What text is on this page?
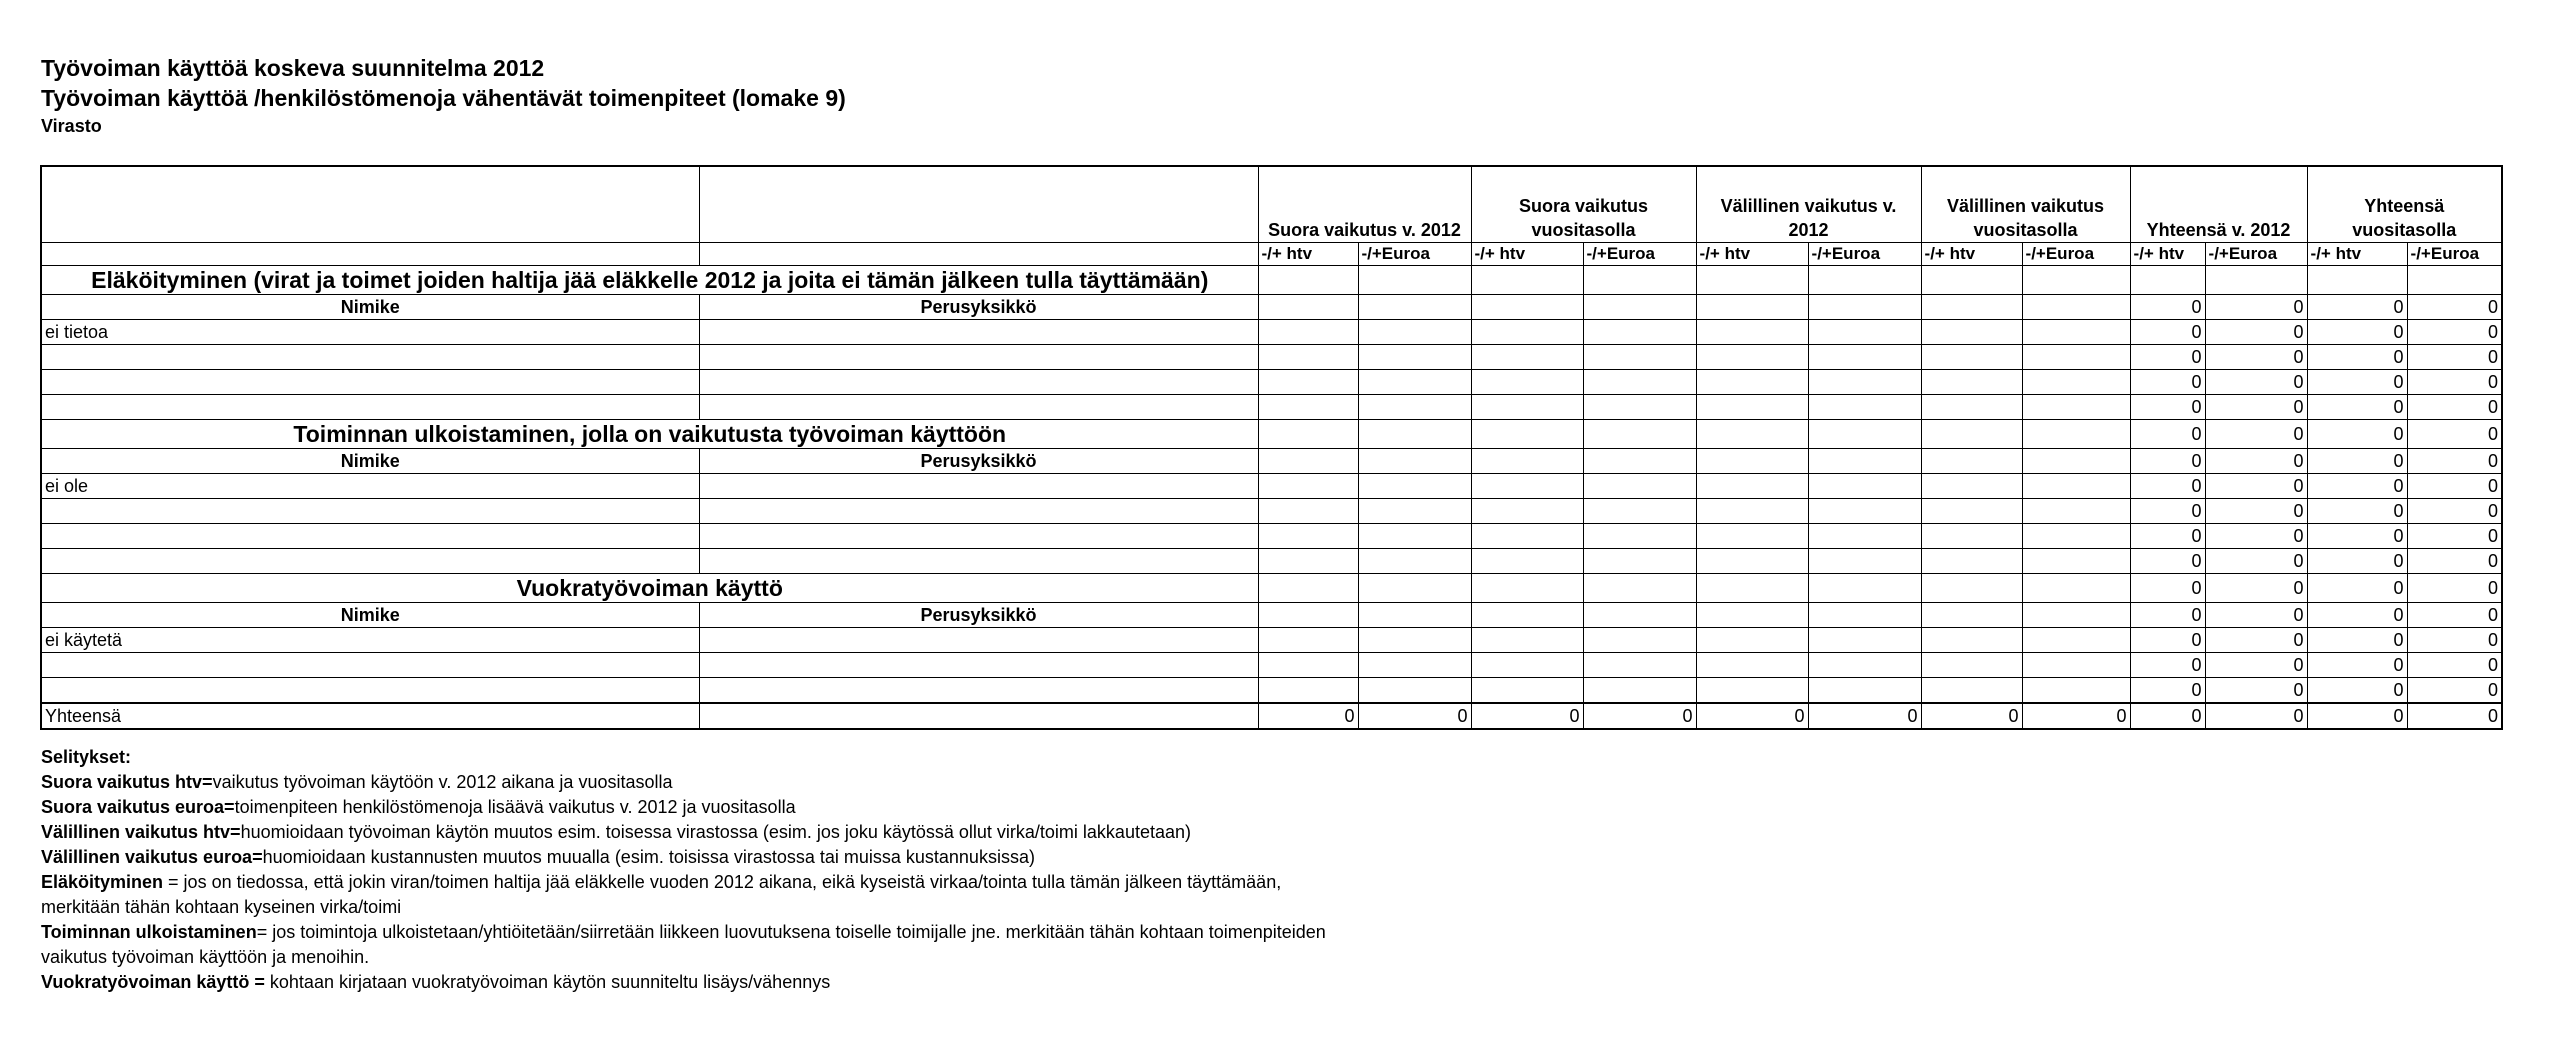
Työvoiman käyttöä koskeva suunnitelma 2012
Työvoiman käyttöä /henkilöstömenoja vähentävät toimenpiteet (lomake 9)
Virasto
		Suora vaikutus v. 2012		Suora vaikutus vuositasolla		Välillinen vaikutus v. 2012		Välillinen vaikutus vuositasolla		Yhteensä v. 2012		Yhteensä vuositasolla	
		-/+ htv	-/+Euroa	-/+ htv	-/+Euroa	-/+ htv	-/+Euroa	-/+ htv	-/+Euroa	-/+ htv	-/+Euroa	-/+ htv	-/+Euroa
Eläköityminen (virat ja toimet joiden haltija jää eläkkelle 2012 ja joita ei tämän jälkeen tulla täyttämään)													
Nimike	Perusyksikkö									0	0	0	0
ei tietoa										0	0	0	0
										0	0	0	0
										0	0	0	0
										0	0	0	0
Toiminnan ulkoistaminen, jolla on vaikutusta työvoiman käyttöön										0	0	0	0
Nimike	Perusyksikkö									0	0	0	0
ei ole										0	0	0	0
										0	0	0	0
										0	0	0	0
										0	0	0	0
Vuokratyövoiman käyttö										0	0	0	0
Nimike	Perusyksikkö									0	0	0	0
ei käytetä										0	0	0	0
										0	0	0	0
										0	0	0	0
Yhteensä		0	0	0	0	0	0	0	0	0	0	0	0
Selitykset:
Suora vaikutus htv=vaikutus työvoiman käytöön v. 2012 aikana ja vuositasolla
Suora vaikutus euroa=toimenpiteen henkilöstömenoja lisäävä vaikutus v. 2012 ja vuositasolla
Välillinen vaikutus htv=huomioidaan työvoiman käytön muutos esim. toisessa virastossa (esim. jos joku käytössä ollut virka/toimi lakkautetaan)
Välillinen vaikutus euroa=huomioidaan kustannusten muutos muualla (esim. toisissa virastossa tai muissa kustannuksissa)
Eläköityminen = jos on tiedossa, että jokin viran/toimen haltija jää eläkkelle vuoden 2012 aikana, eikä kyseistä virkaa/tointa tulla tämän jälkeen täyttämään,
merkitään tähän kohtaan kyseinen virka/toimi
Toiminnan ulkoistaminen= jos toimintoja ulkoistetaan/yhtiöitetään/siirretään liikkeen luovutuksena toiselle toimijalle jne. merkitään tähän kohtaan toimenpiteiden
vaikutus työvoiman käyttöön ja menoihin.
Vuokratyövoiman käyttö = kohtaan kirjataan vuokratyövoiman käytön suunniteltu lisäys/vähennys
